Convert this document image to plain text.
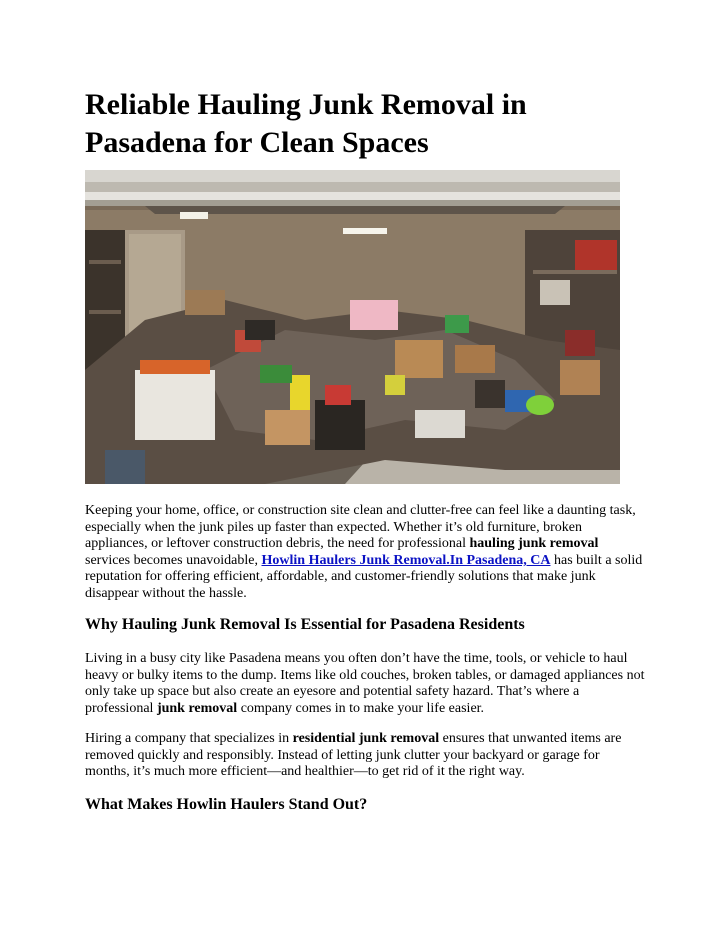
Reliable Hauling Junk Removal in Pasadena for Clean Spaces

Keeping your home, office, or construction site clean and clutter-free can feel like a daunting task, especially when the junk piles up faster than expected. Whether it’s old furniture, broken appliances, or leftover construction debris, the need for professional hauling junk removal services becomes unavoidable, Howlin Haulers Junk Removal.In Pasadena, CA has built a solid reputation for offering efficient, affordable, and customer-friendly solutions that make junk disappear without the hassle.

Why Hauling Junk Removal Is Essential for Pasadena Residents

Living in a busy city like Pasadena means you often don’t have the time, tools, or vehicle to haul heavy or bulky items to the dump. Items like old couches, broken tables, or damaged appliances not only take up space but also create an eyesore and potential safety hazard. That’s where a professional junk removal company comes in to make your life easier.

Hiring a company that specializes in residential junk removal ensures that unwanted items are removed quickly and responsibly. Instead of letting junk clutter your backyard or garage for months, it’s much more efficient—and healthier—to get rid of it the right way.

What Makes Howlin Haulers Stand Out?
